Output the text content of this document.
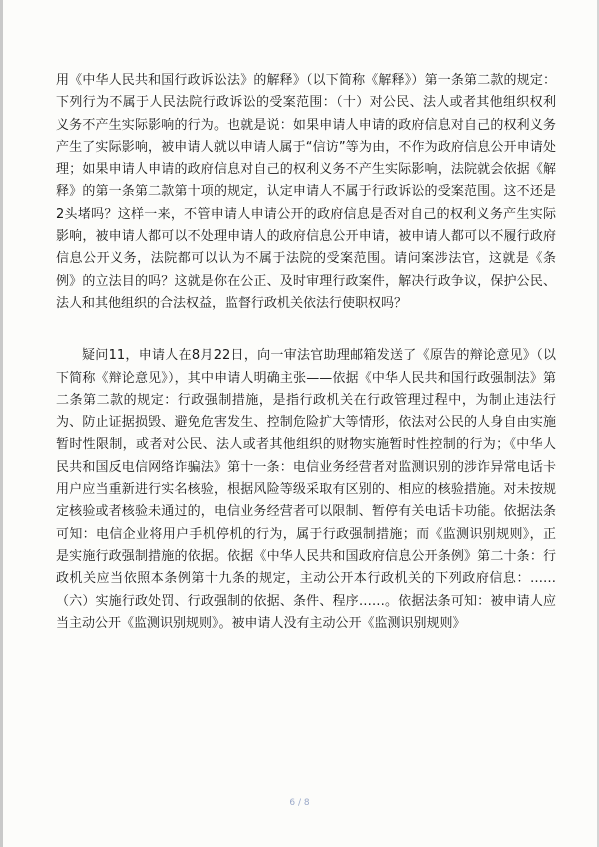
用《中华人民共和国行政诉讼法》的解释》（以下简称《解释》）第一条第二款的规定：下列行为不属于人民法院行政诉讼的受案范围：（十）对公民、法人或者其他组织权利义务不产生实际影响的行为。也就是说：如果申请人申请的政府信息对自己的权利义务产生了实际影响，被申请人就以申请人属于“信访”等为由，不作为政府信息公开申请处理；如果申请人申请的政府信息对自己的权利义务不产生实际影响，法院就会依据《解释》的第一条第二款第十项的规定，认定申请人不属于行政诉讼的受案范围。这不还是2头堵吗？这样一来，不管申请人申请公开的政府信息是否对自己的权利义务产生实际影响，被申请人都可以不处理申请人的政府信息公开申请，被申请人都可以不履行政府信息公开义务，法院都可以认为不属于法院的受案范围。请问案涉法官，这就是《条例》的立法目的吗？这就是你在公正、及时审理行政案件，解决行政争议，保护公民、法人和其他组织的合法权益，监督行政机关依法行使职权吗？

疑问11，申请人在8月22日，向一审法官助理邮箱发送了《原告的辩论意见》（以下简称《辩论意见》），其中申请人明确主张——依据《中华人民共和国行政强制法》第二条第二款的规定：行政强制措施，是指行政机关在行政管理过程中，为制止违法行为、防止证据损毁、避免危害发生、控制危险扩大等情形，依法对公民的人身自由实施暂时性限制，或者对公民、法人或者其他组织的财物实施暂时性控制的行为；《中华人民共和国反电信网络诈骗法》第十一条：电信业务经营者对监测识别的涉诈异常电话卡用户应当重新进行实名核验，根据风险等级采取有区别的、相应的核验措施。对未按规定核验或者核验未通过的，电信业务经营者可以限制、暂停有关电话卡功能。依据法条可知：电信企业将用户手机停机的行为，属于行政强制措施；而《监测识别规则》，正是实施行政强制措施的依据。依据《中华人民共和国政府信息公开条例》第二十条：行政机关应当依照本条例第十九条的规定，主动公开本行政机关的下列政府信息：……（六）实施行政处罚、行政强制的依据、条件、程序……。依据法条可知：被申请人应当主动公开《监测识别规则》。被申请人没有主动公开《监测识别规则》

6 / 8
